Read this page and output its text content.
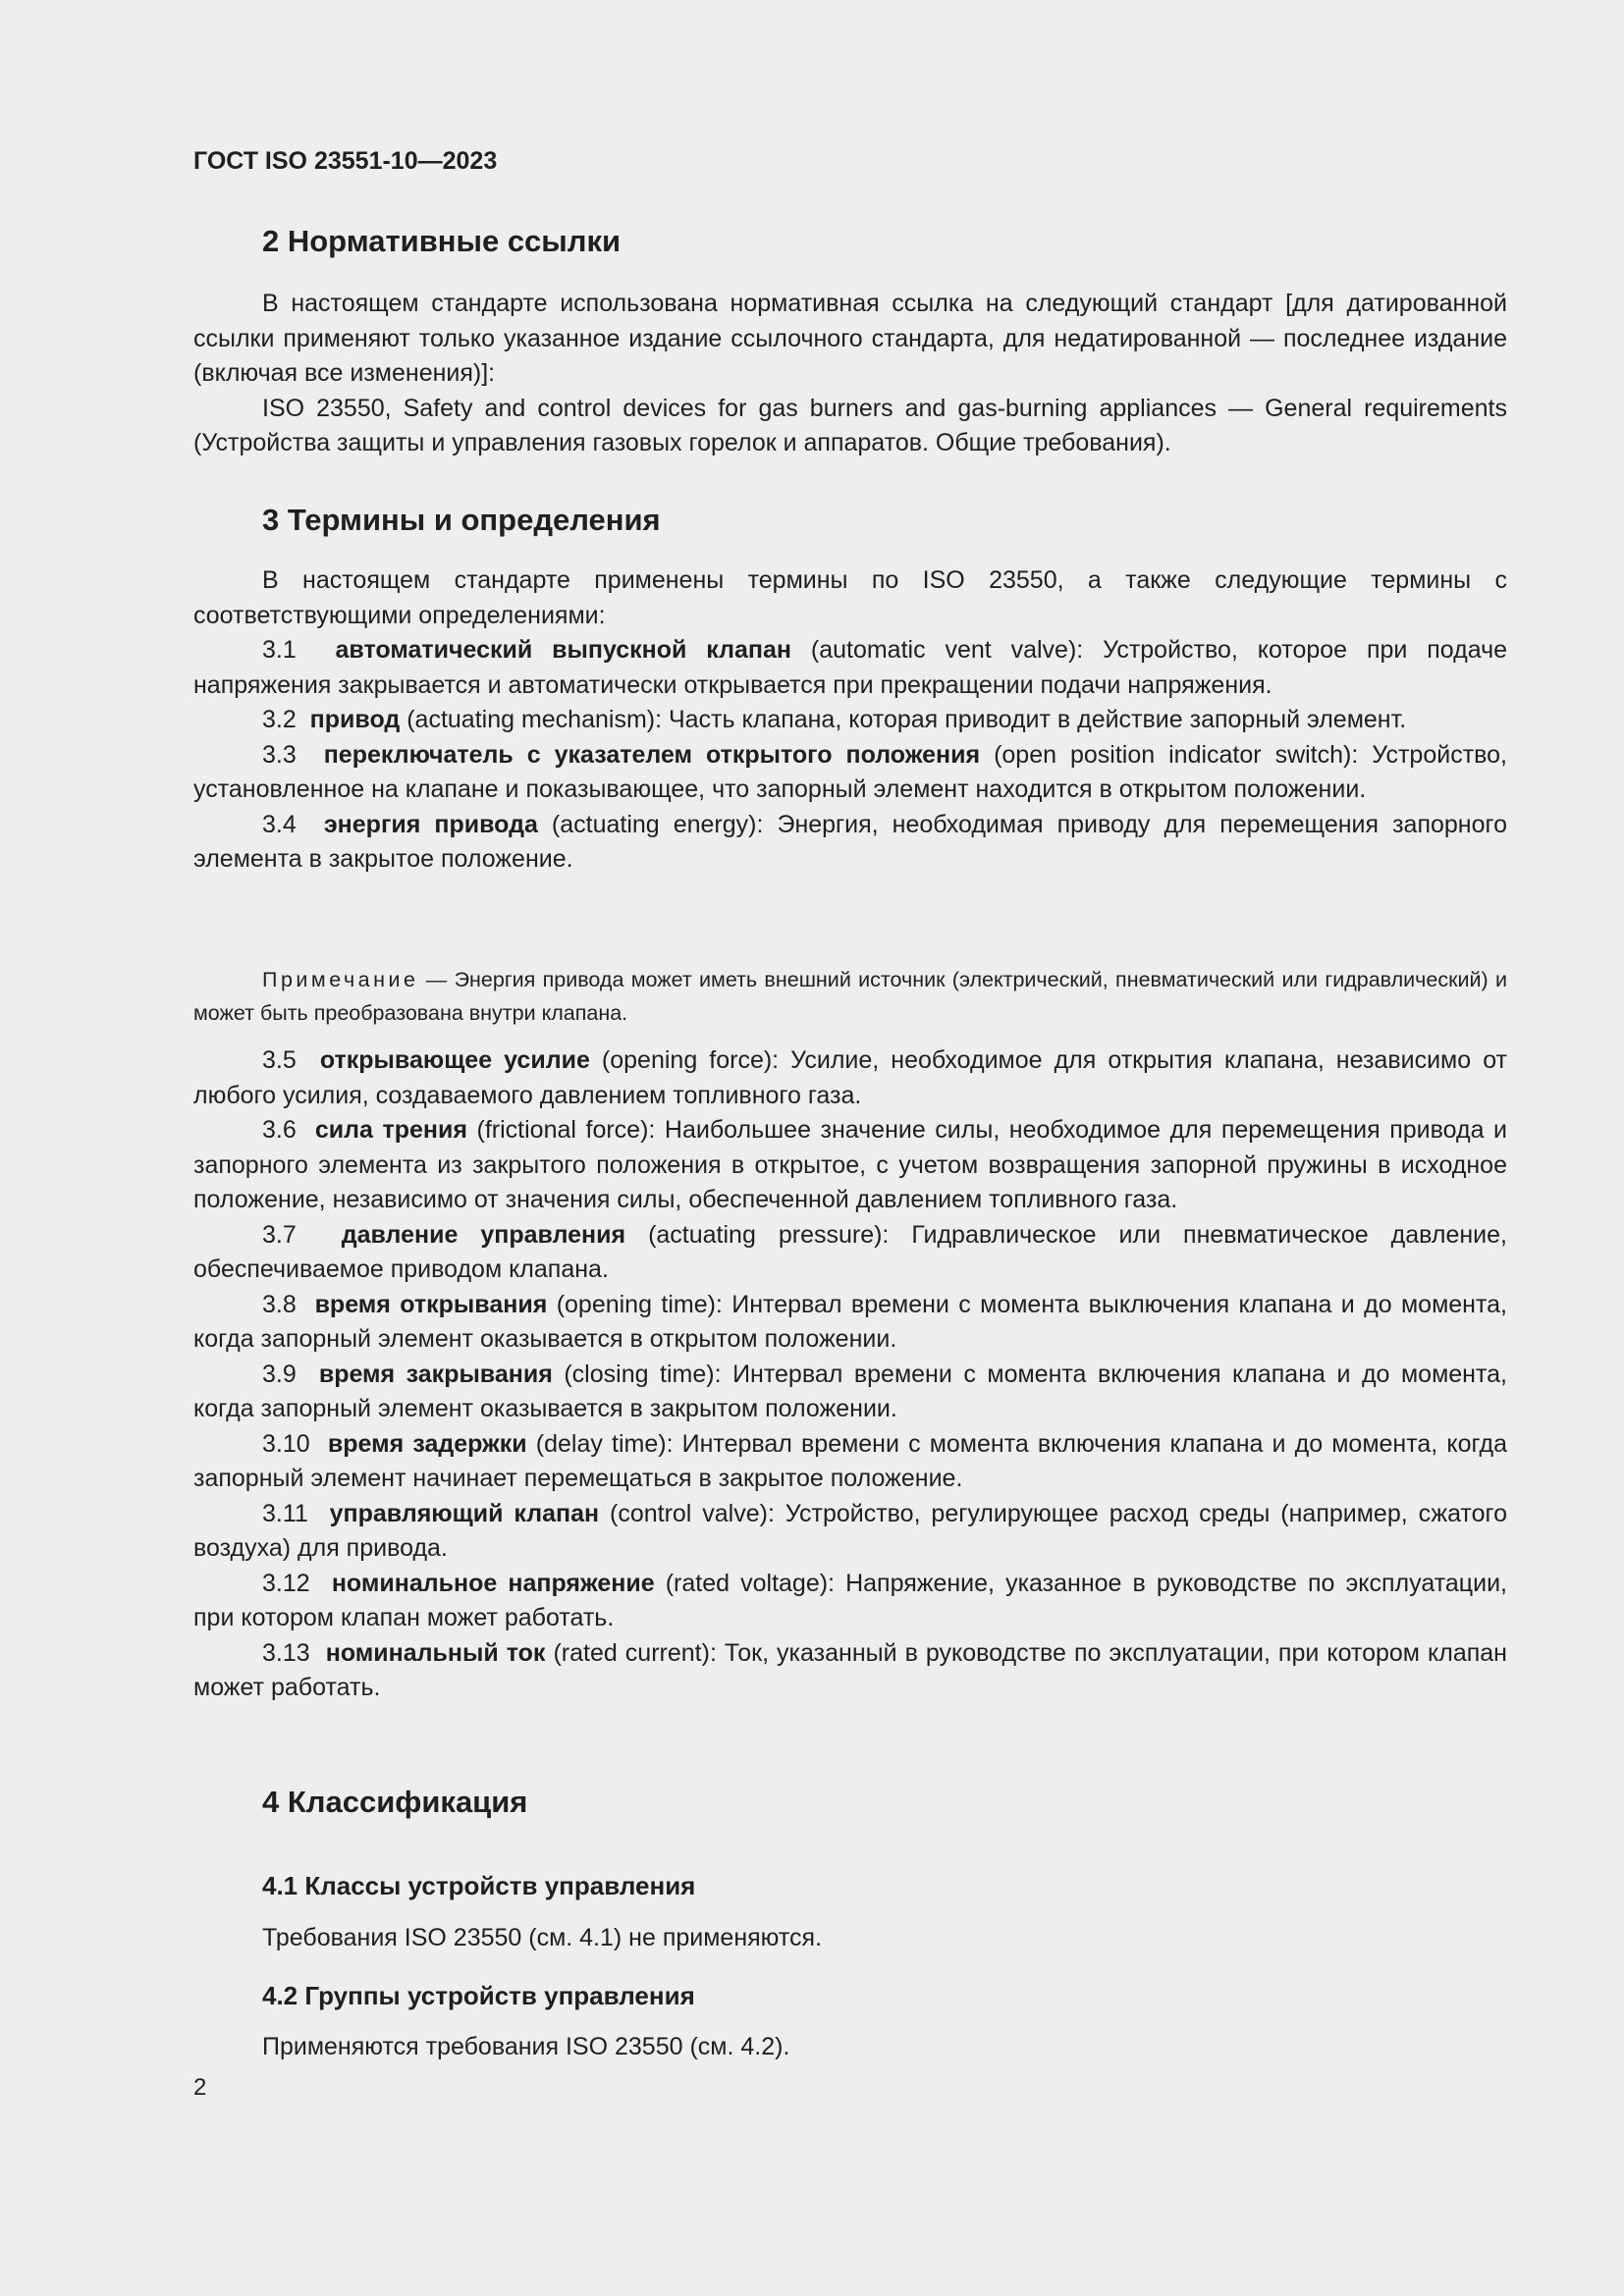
ГОСТ ISO 23551-10—2023
2 Нормативные ссылки

В настоящем стандарте использована нормативная ссылка на следующий стандарт [для датированной ссылки применяют только указанное издание ссылочного стандарта, для недатированной — последнее издание (включая все изменения)]:

ISO 23550, Safety and control devices for gas burners and gas-burning appliances — General requirements (Устройства защиты и управления газовых горелок и аппаратов. Общие требования).

3 Термины и определения

В настоящем стандарте применены термины по ISO 23550, а также следующие термины с соответствующими определениями:

3.1 автоматический выпускной клапан (automatic vent valve): Устройство, которое при подаче напряжения закрывается и автоматически открывается при прекращении подачи напряжения.

3.2 привод (actuating mechanism): Часть клапана, которая приводит в действие запорный элемент.

3.3 переключатель с указателем открытого положения (open position indicator switch): Устройство, установленное на клапане и показывающее, что запорный элемент находится в открытом положении.

3.4 энергия привода (actuating energy): Энергия, необходимая приводу для перемещения запорного элемента в закрытое положение.

Примечание — Энергия привода может иметь внешний источник (электрический, пневматический или гидравлический) и может быть преобразована внутри клапана.

3.5 открывающее усилие (opening force): Усилие, необходимое для открытия клапана, независимо от любого усилия, создаваемого давлением топливного газа.

3.6 сила трения (frictional force): Наибольшее значение силы, необходимое для перемещения привода и запорного элемента из закрытого положения в открытое, с учетом возвращения запорной пружины в исходное положение, независимо от значения силы, обеспеченной давлением топливного газа.

3.7 давление управления (actuating pressure): Гидравлическое или пневматическое давление, обеспечиваемое приводом клапана.

3.8 время открывания (opening time): Интервал времени с момента выключения клапана и до момента, когда запорный элемент оказывается в открытом положении.

3.9 время закрывания (closing time): Интервал времени с момента включения клапана и до момента, когда запорный элемент оказывается в закрытом положении.

3.10 время задержки (delay time): Интервал времени с момента включения клапана и до момента, когда запорный элемент начинает перемещаться в закрытое положение.

3.11 управляющий клапан (control valve): Устройство, регулирующее расход среды (например, сжатого воздуха) для привода.

3.12 номинальное напряжение (rated voltage): Напряжение, указанное в руководстве по эксплуатации, при котором клапан может работать.

3.13 номинальный ток (rated current): Ток, указанный в руководстве по эксплуатации, при котором клапан может работать.

4 Классификация
4.1 Классы устройств управления
Требования ISO 23550 (см. 4.1) не применяются.
4.2 Группы устройств управления
Применяются требования ISO 23550 (см. 4.2).
2
